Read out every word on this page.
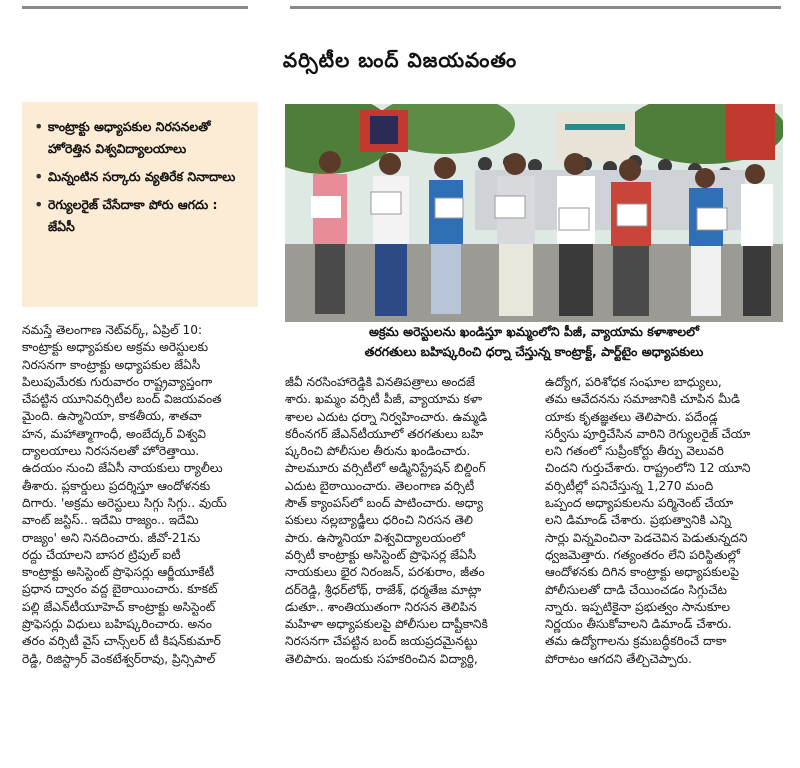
వర్సిటీల బంద్ విజయవంతం
• కాంట్రాక్టు అధ్యాపకుల నిరసనలతో హోరెత్తిన విశ్వవిద్యాలయాలు
• మిన్నంటిన సర్కారు వ్యతిరేక నినాదాలు
• రెగ్యులరైజ్ చేసేదాకా పోరు ఆగదు : జేఏసీ
అక్రమ అరెస్టులను ఖండిస్తూ ఖమ్మంలోని పీజీ, వ్యాయామ కళాశాలలో
తరగతులు బహిష్కరించి ధర్నా చేస్తున్న కాంట్రాక్ట్, పార్ట్‌టైం అధ్యాపకులు
నమస్తే తెలంగాణ నెట్‌వర్క్‌, ఏప్రిల్‌ 10:
కాంట్రాక్టు అధ్యాపకుల అక్రమ అరెస్టులకు
నిరసనగా కాంట్రాక్టు అధ్యాపకుల జేఏసీ
పిలుపుమేరకు గురువారం రాష్ట్రవ్యాప్తంగా
చేపట్టిన యూనివర్సిటీల బంద్‌ విజయవంత
మైంది. ఉస్మానియా, కాకతీయ, శాతవా
హన, మహాత్మాగాంధీ, అంబేద్కర్‌ విశ్వవి
ద్యాలయాలు నిరసనలతో హోరెత్తాయి.
ఉదయం నుంచి జేఏసీ నాయకులు ర్యాలీలు
తీశారు. ప్లకార్డులు ప్రదర్శిస్తూ ఆందోళనకు
దిగారు. 'అక్రమ అరెస్టులు సిగ్గు సిగ్గు.. వుయ్‌
వాంట్‌ జస్టిస్‌.. ఇదేమి రాజ్యం.. ఇదేమి
రాజ్యం' అని నినదించారు. జీవో-21ను
రద్దు చేయాలని బాసర ట్రిపుల్‌ ఐటీ
కాంట్రాక్టు అసిస్టెంట్‌ ప్రొఫెసర్లు ఆర్జీయూకేటీ
ప్రధాన ద్వారం వద్ద బైఠాయించారు. కూకట్‌
పల్లి జేఎన్‌టీయూహెచ్‌ కాంట్రాక్టు అసిస్టెంట్‌
ప్రొఫెసర్లు విధులు బహిష్కరించారు. అనం
తరం వర్సిటీ వైస్‌ చాన్స్‌లర్‌ టీ కిషన్‌కుమార్‌
రెడ్డి, రిజిస్ట్రార్‌ వెంకటేశ్వర్‌రావు, ప్రిన్సిపాల్‌
జీవీ నరసింహారెడ్డికి వినతిపత్రాలు అందజే
శారు. ఖమ్మం వర్సిటీ పీజీ, వ్యాయామ కళా
శాలల ఎదుట ధర్నా నిర్వహించారు. ఉమ్మడి
కరీంనగర్‌ జేఎన్‌టీయూలో తరగతులు బహి
ష్కరించి పోలీసుల తీరును ఖండించారు.
పాలమూరు వర్సిటీలో అడ్మినిస్ట్రేషన్‌ బిల్డింగ్‌
ఎదుట బైఠాయించారు. తెలంగాణ వర్సిటీ
సౌత్‌ క్యాంపస్‌లో బంద్‌ పాటించారు. అధ్యా
పకులు నల్లబ్యాడ్జీలు ధరించి నిరసన తెలి
పారు. ఉస్మానియా విశ్వవిద్యాలయంలో
వర్సిటీ కాంట్రాక్టు అసిస్టెంట్‌ ప్రొఫెసర్ల జేఏసీ
నాయకులు భైర నిరంజన్‌, పరశురాం, జీతం
దర్‌రెడ్డి, శ్రీధర్‌లోథ్‌, రాజేశ్‌, ధర్మతేజ మాట్లా
డుతూ.. శాంతియుతంగా నిరసన తెలిపిన
మహిళా అధ్యాపకులపై పోలీసుల దాష్టీకానికి
నిరసనగా చేపట్టిన బంద్‌ జయప్రదమైనట్టు
తెలిపారు. ఇందుకు సహకరించిన విద్యార్థి,
ఉద్యోగ, పరిశోధక సంఘాల బాధ్యులు,
తమ ఆవేదనను సమాజానికి చూపిన మీడి
యాకు కృతజ్ఞతలు తెలిపారు. పదేండ్ల
సర్వీసు పూర్తిచేసిన వారిని రెగ్యులరైజ్‌ చేయా
లని గతంలో సుప్రీంకోర్టు తీర్పు వెలువరి
చిందని గుర్తుచేశారు. రాష్ట్రంలోని 12 యూని
వర్సిటీల్లో పనిచేస్తున్న 1,270 మంది
ఒప్పంద అధ్యాపకులను పర్మినెంట్‌ చేయా
లని డిమాండ్‌ చేశారు. ప్రభుత్వానికి ఎన్ని
సార్లు విన్నవించినా పెడచెవిన పెడుతున్నదని
ధ్వజమెత్తారు. గత్యంతరం లేని పరిస్థితుల్లో
ఆందోళనకు దిగిన కాంట్రాక్టు అధ్యాపకులపై
పోలీసులతో దాడి చేయించడం సిగ్గుచేట
న్నారు. ఇప్పటికైనా ప్రభుత్వం సానుకూల
నిర్ణయం తీసుకోవాలని డిమాండ్‌ చేశారు.
తమ ఉద్యోగాలను క్రమబద్ధీకరించే దాకా
పోరాటం ఆగదని తేల్చిచెప్పారు.
